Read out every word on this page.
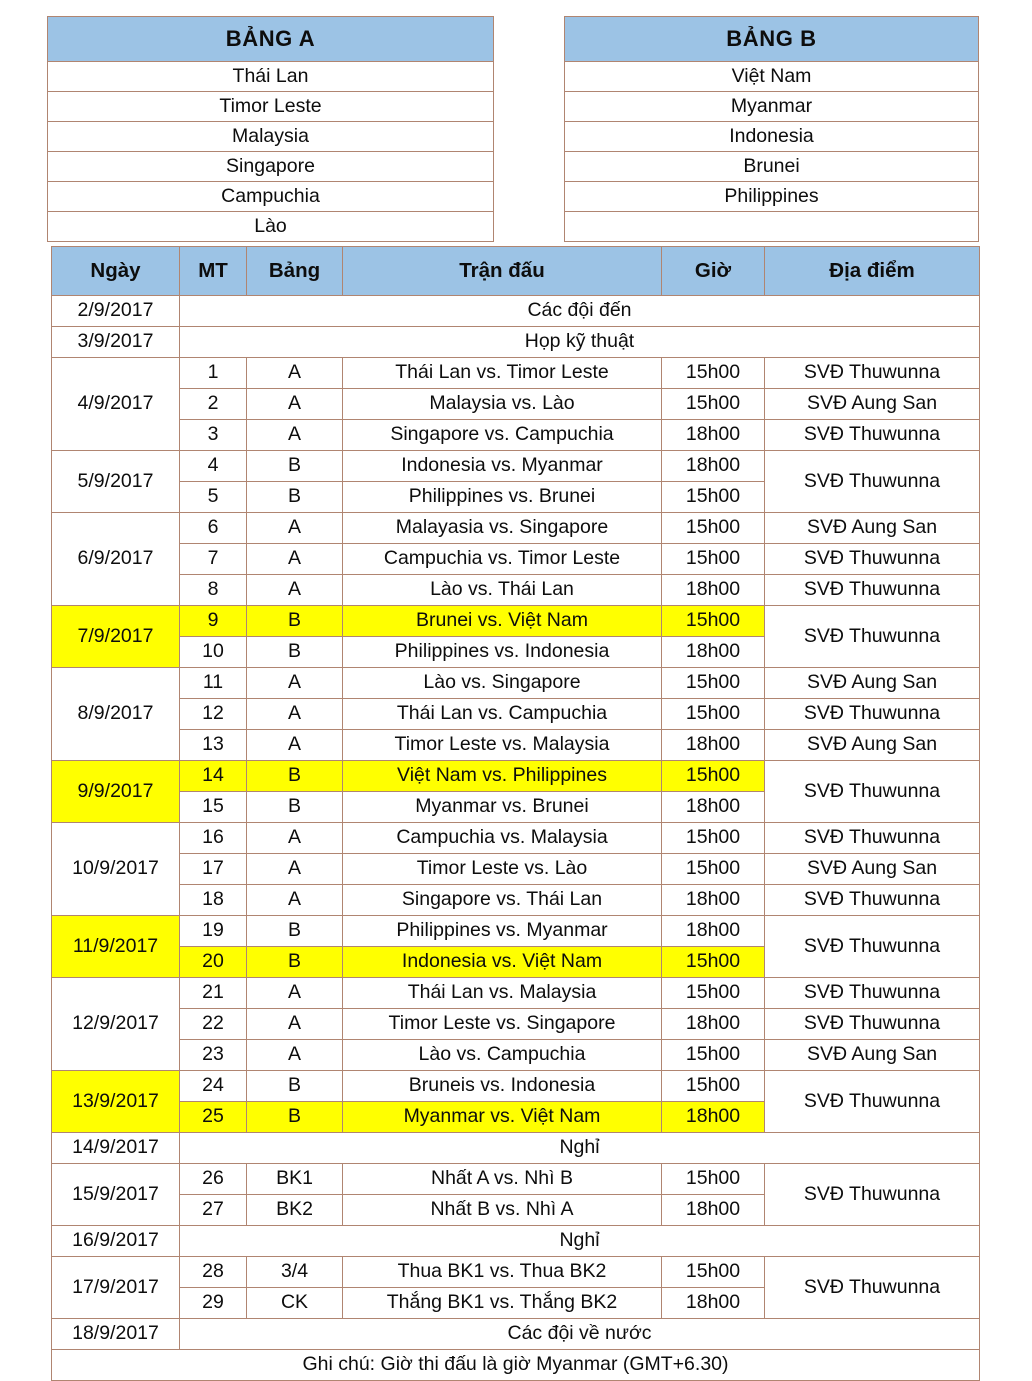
BẢNG A
Thái Lan
Timor Leste
Malaysia
Singapore
Campuchia
Lào
BẢNG B
Việt Nam
Myanmar
Indonesia
Brunei
Philippines

Ngày	MT	Bảng	Trận đấu	Giờ	Địa điểm
2/9/2017	Các đội đến				
3/9/2017	Họp kỹ thuật				
4/9/2017	1	A	Thái Lan vs. Timor Leste	15h00	SVĐ Thuwunna
	2	A	Malaysia vs. Lào	15h00	SVĐ Aung San
	3	A	Singapore vs. Campuchia	18h00	SVĐ Thuwunna
5/9/2017	4	B	Indonesia vs. Myanmar	18h00	SVĐ Thuwunna
	5	B	Philippines vs. Brunei	15h00	
6/9/2017	6	A	Malayasia vs. Singapore	15h00	SVĐ Aung San
	7	A	Campuchia vs. Timor Leste	15h00	SVĐ Thuwunna
	8	A	Lào vs. Thái Lan	18h00	SVĐ Thuwunna
7/9/2017	9	B	Brunei vs. Việt Nam	15h00	SVĐ Thuwunna
	10	B	Philippines vs. Indonesia	18h00	
8/9/2017	11	A	Lào vs. Singapore	15h00	SVĐ Aung San
	12	A	Thái Lan vs. Campuchia	15h00	SVĐ Thuwunna
	13	A	Timor Leste vs. Malaysia	18h00	SVĐ Aung San
9/9/2017	14	B	Việt Nam vs. Philippines	15h00	SVĐ Thuwunna
	15	B	Myanmar vs. Brunei	18h00	
10/9/2017	16	A	Campuchia vs. Malaysia	15h00	SVĐ Thuwunna
	17	A	Timor Leste vs. Lào	15h00	SVĐ Aung San
	18	A	Singapore vs. Thái Lan	18h00	SVĐ Thuwunna
11/9/2017	19	B	Philippines vs. Myanmar	18h00	SVĐ Thuwunna
	20	B	Indonesia vs. Việt Nam	15h00	
12/9/2017	21	A	Thái Lan vs. Malaysia	15h00	SVĐ Thuwunna
	22	A	Timor Leste vs. Singapore	18h00	SVĐ Thuwunna
	23	A	Lào vs. Campuchia	15h00	SVĐ Aung San
13/9/2017	24	B	Bruneis vs. Indonesia	15h00	SVĐ Thuwunna
	25	B	Myanmar vs. Việt Nam	18h00	
14/9/2017	Nghỉ				
15/9/2017	26	BK1	Nhất A vs. Nhì B	15h00	SVĐ Thuwunna
	27	BK2	Nhất B vs. Nhì A	18h00	
16/9/2017	Nghỉ				
17/9/2017	28	3/4	Thua BK1 vs. Thua BK2	15h00	SVĐ Thuwunna
	29	CK	Thắng BK1 vs. Thắng BK2	18h00	
18/9/2017	Các đội về nước				
Ghi chú: Giờ thi đấu là giờ Myanmar (GMT+6.30)					
